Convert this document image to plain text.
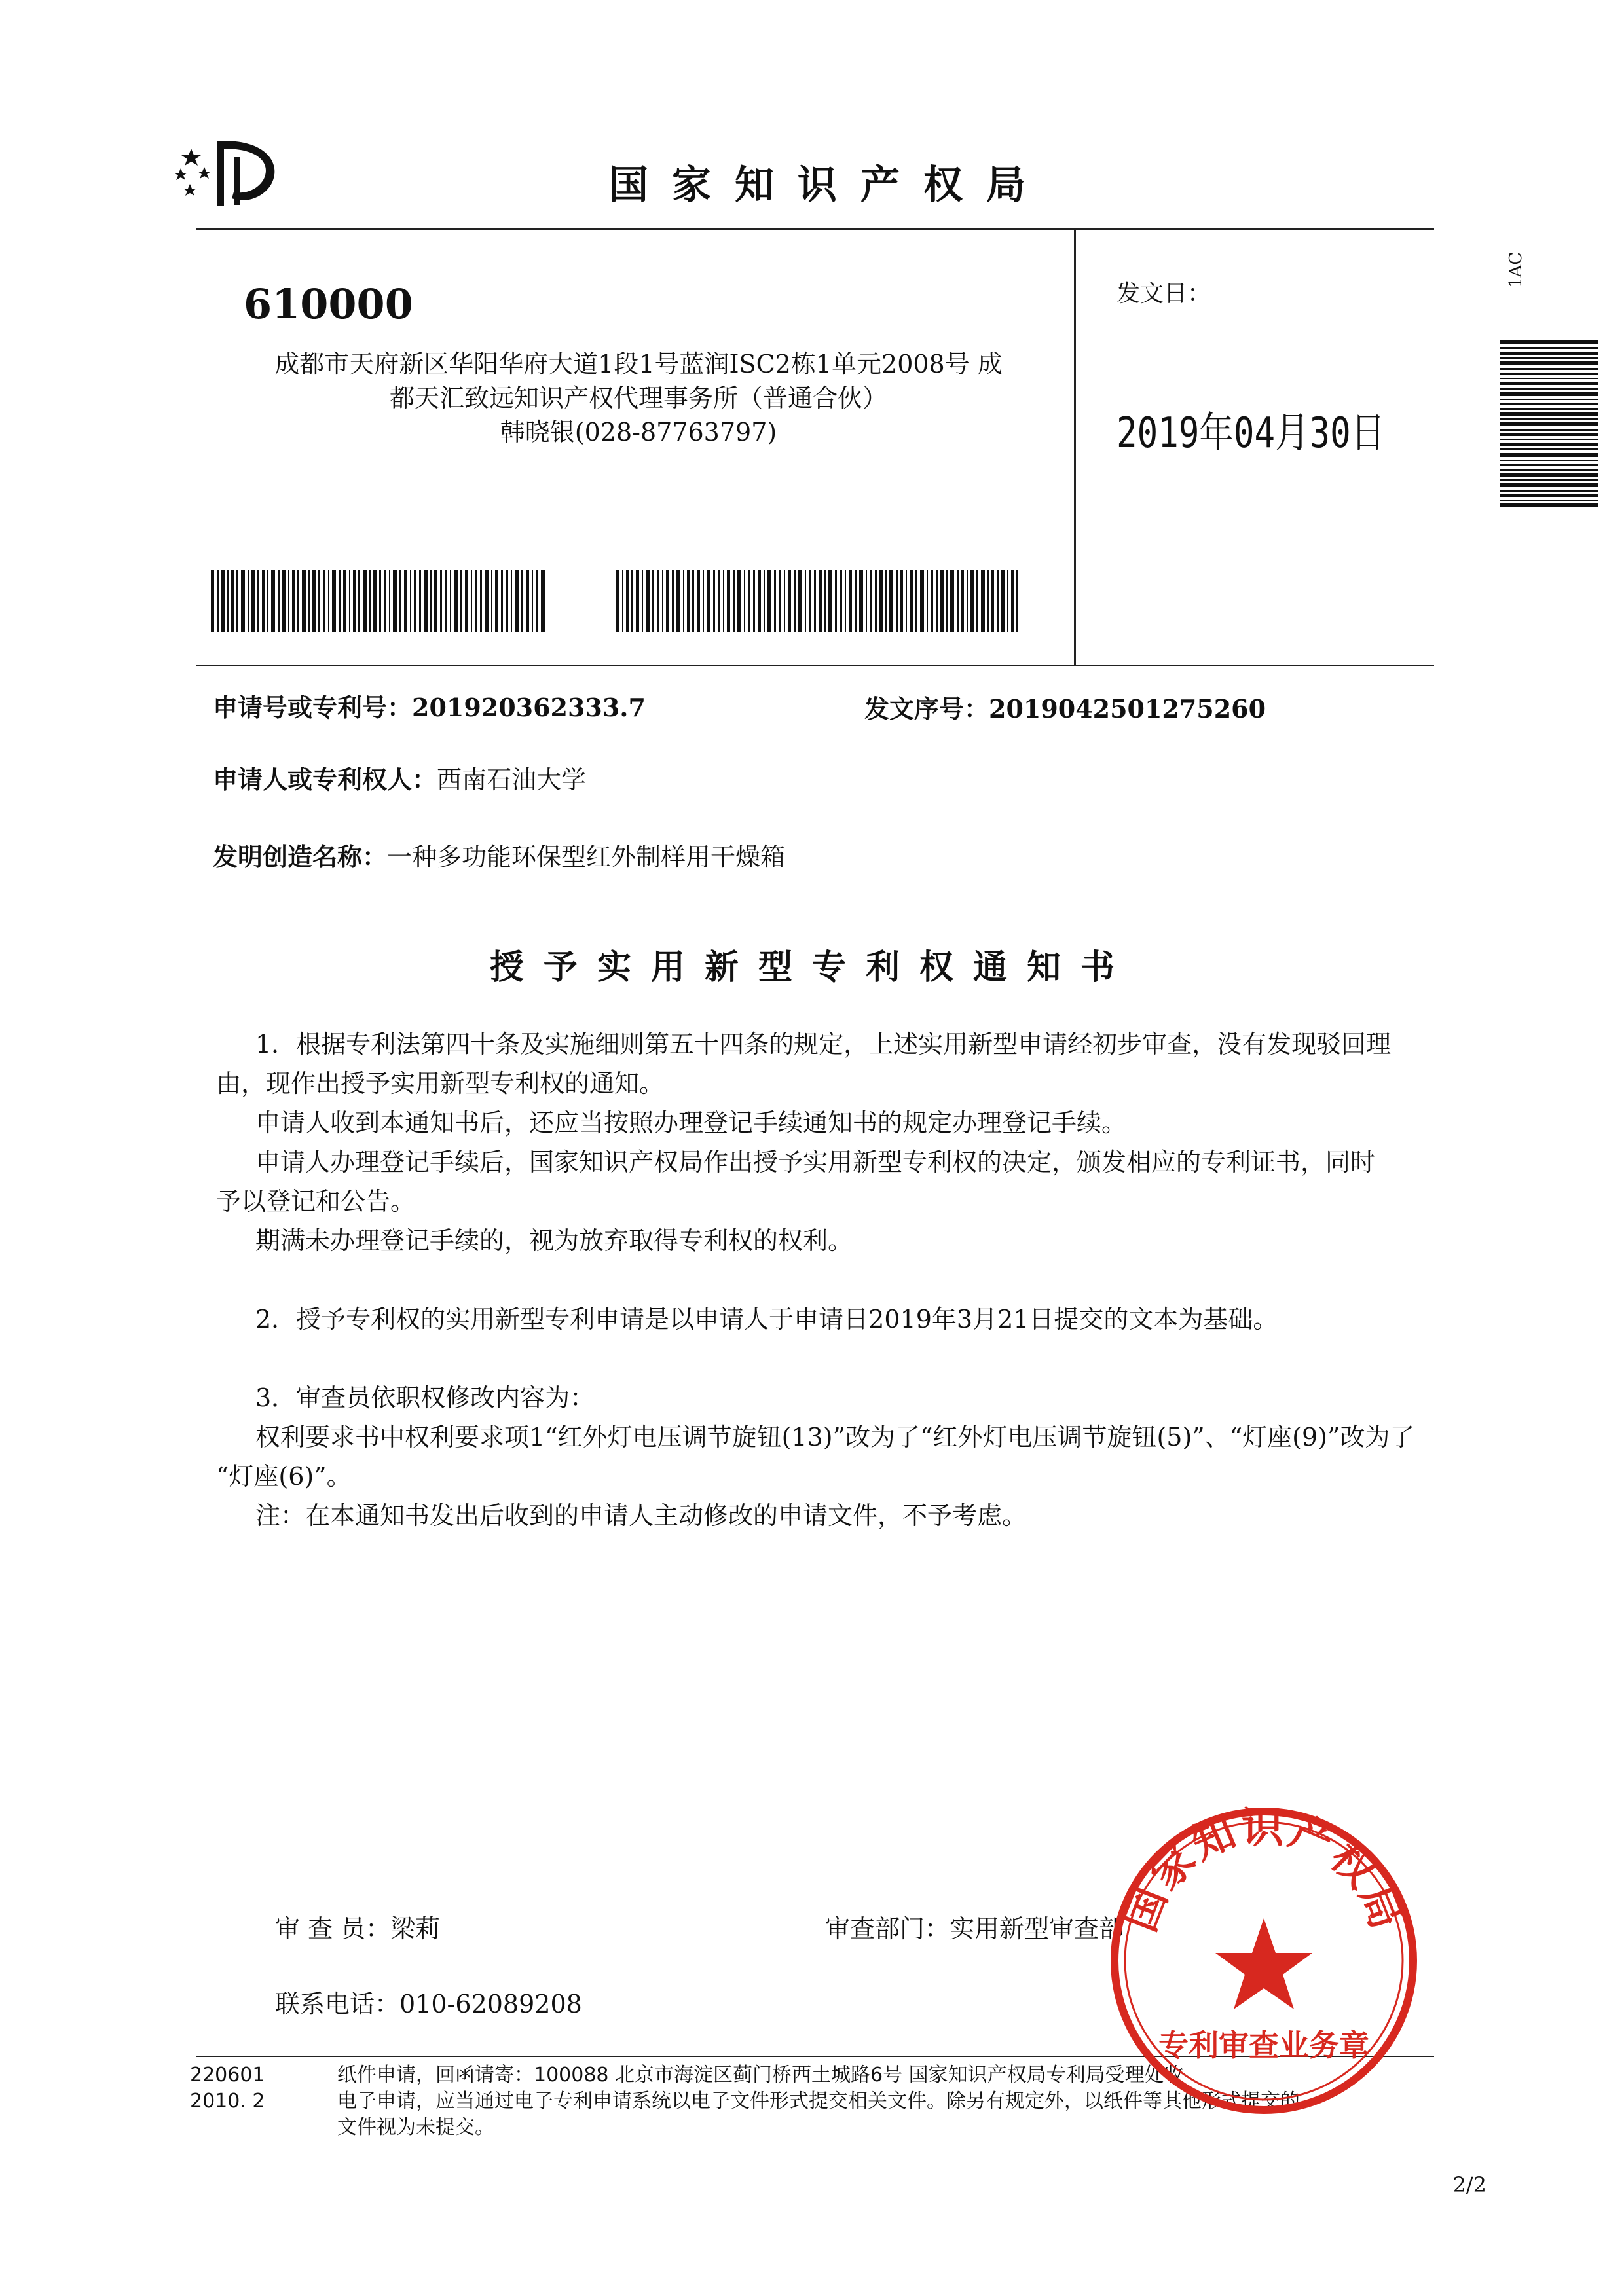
国家知识产权局
610000
成都市天府新区华阳华府大道1段1号蓝润ISC2栋1单元2008号 成
都天汇致远知识产权代理事务所（普通合伙）
韩晓银(028-87763797)
发文日：
2019年04月30日
1AC
申请号或专利号：201920362333.7	发文序号：2019042501275260
申请人或专利权人：西南石油大学
发明创造名称：一种多功能环保型红外制样用干燥箱
授予实用新型专利权通知书

1．根据专利法第四十条及实施细则第五十四条的规定，上述实用新型申请经初步审查，没有发现驳回理

由，现作出授予实用新型专利权的通知。

申请人收到本通知书后，还应当按照办理登记手续通知书的规定办理登记手续。

申请人办理登记手续后，国家知识产权局作出授予实用新型专利权的决定，颁发相应的专利证书，同时

予以登记和公告。

期满未办理登记手续的，视为放弃取得专利权的权利。

2．授予专利权的实用新型专利申请是以申请人于申请日2019年3月21日提交的文本为基础。

3．审查员依职权修改内容为：

权利要求书中权利要求项1“红外灯电压调节旋钮(13)”改为了“红外灯电压调节旋钮(5)”、“灯座(9)”改为了

“灯座(6)”。

注：在本通知书发出后收到的申请人主动修改的申请文件，不予考虑。

审 查 员：梁莉	审查部门：实用新型审查部
联系电话：010-62089208
220601
2010. 2
纸件申请，回函请寄：100088 北京市海淀区蓟门桥西土城路6号 国家知识产权局专利局受理处收
电子申请，应当通过电子专利申请系统以电子文件形式提交相关文件。除另有规定外，以纸件等其他形式提交的
文件视为未提交。
2/2
国家知识产权局
专利审查业务章
